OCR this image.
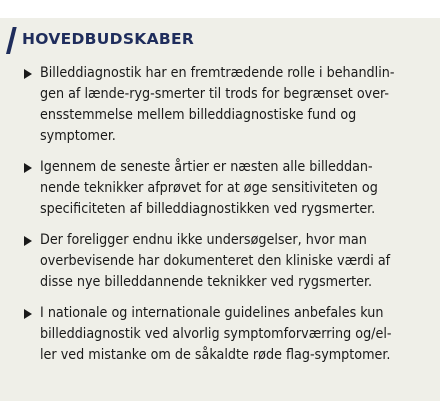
HOVEDBUDSKABER
Billeddiagnostik har en fremtrædende rolle i behandlin-
gen af lænde-ryg-smerter til trods for begrænset over-
ensstemmelse mellem billeddiagnostiske fund og
symptomer.
Igennem de seneste årtier er næsten alle billeddan-
nende teknikker afprøvet for at øge sensitiviteten og
specificiteten af billeddiagnostikken ved rygsmerter.
Der foreligger endnu ikke undersøgelser, hvor man
overbevisende har dokumenteret den kliniske værdi af
disse nye billeddannende teknikker ved rygsmerter.
I nationale og internationale guidelines anbefales kun
billeddiagnostik ved alvorlig symptomforværring og/el-
ler ved mistanke om de såkaldte røde flag-symptomer.
